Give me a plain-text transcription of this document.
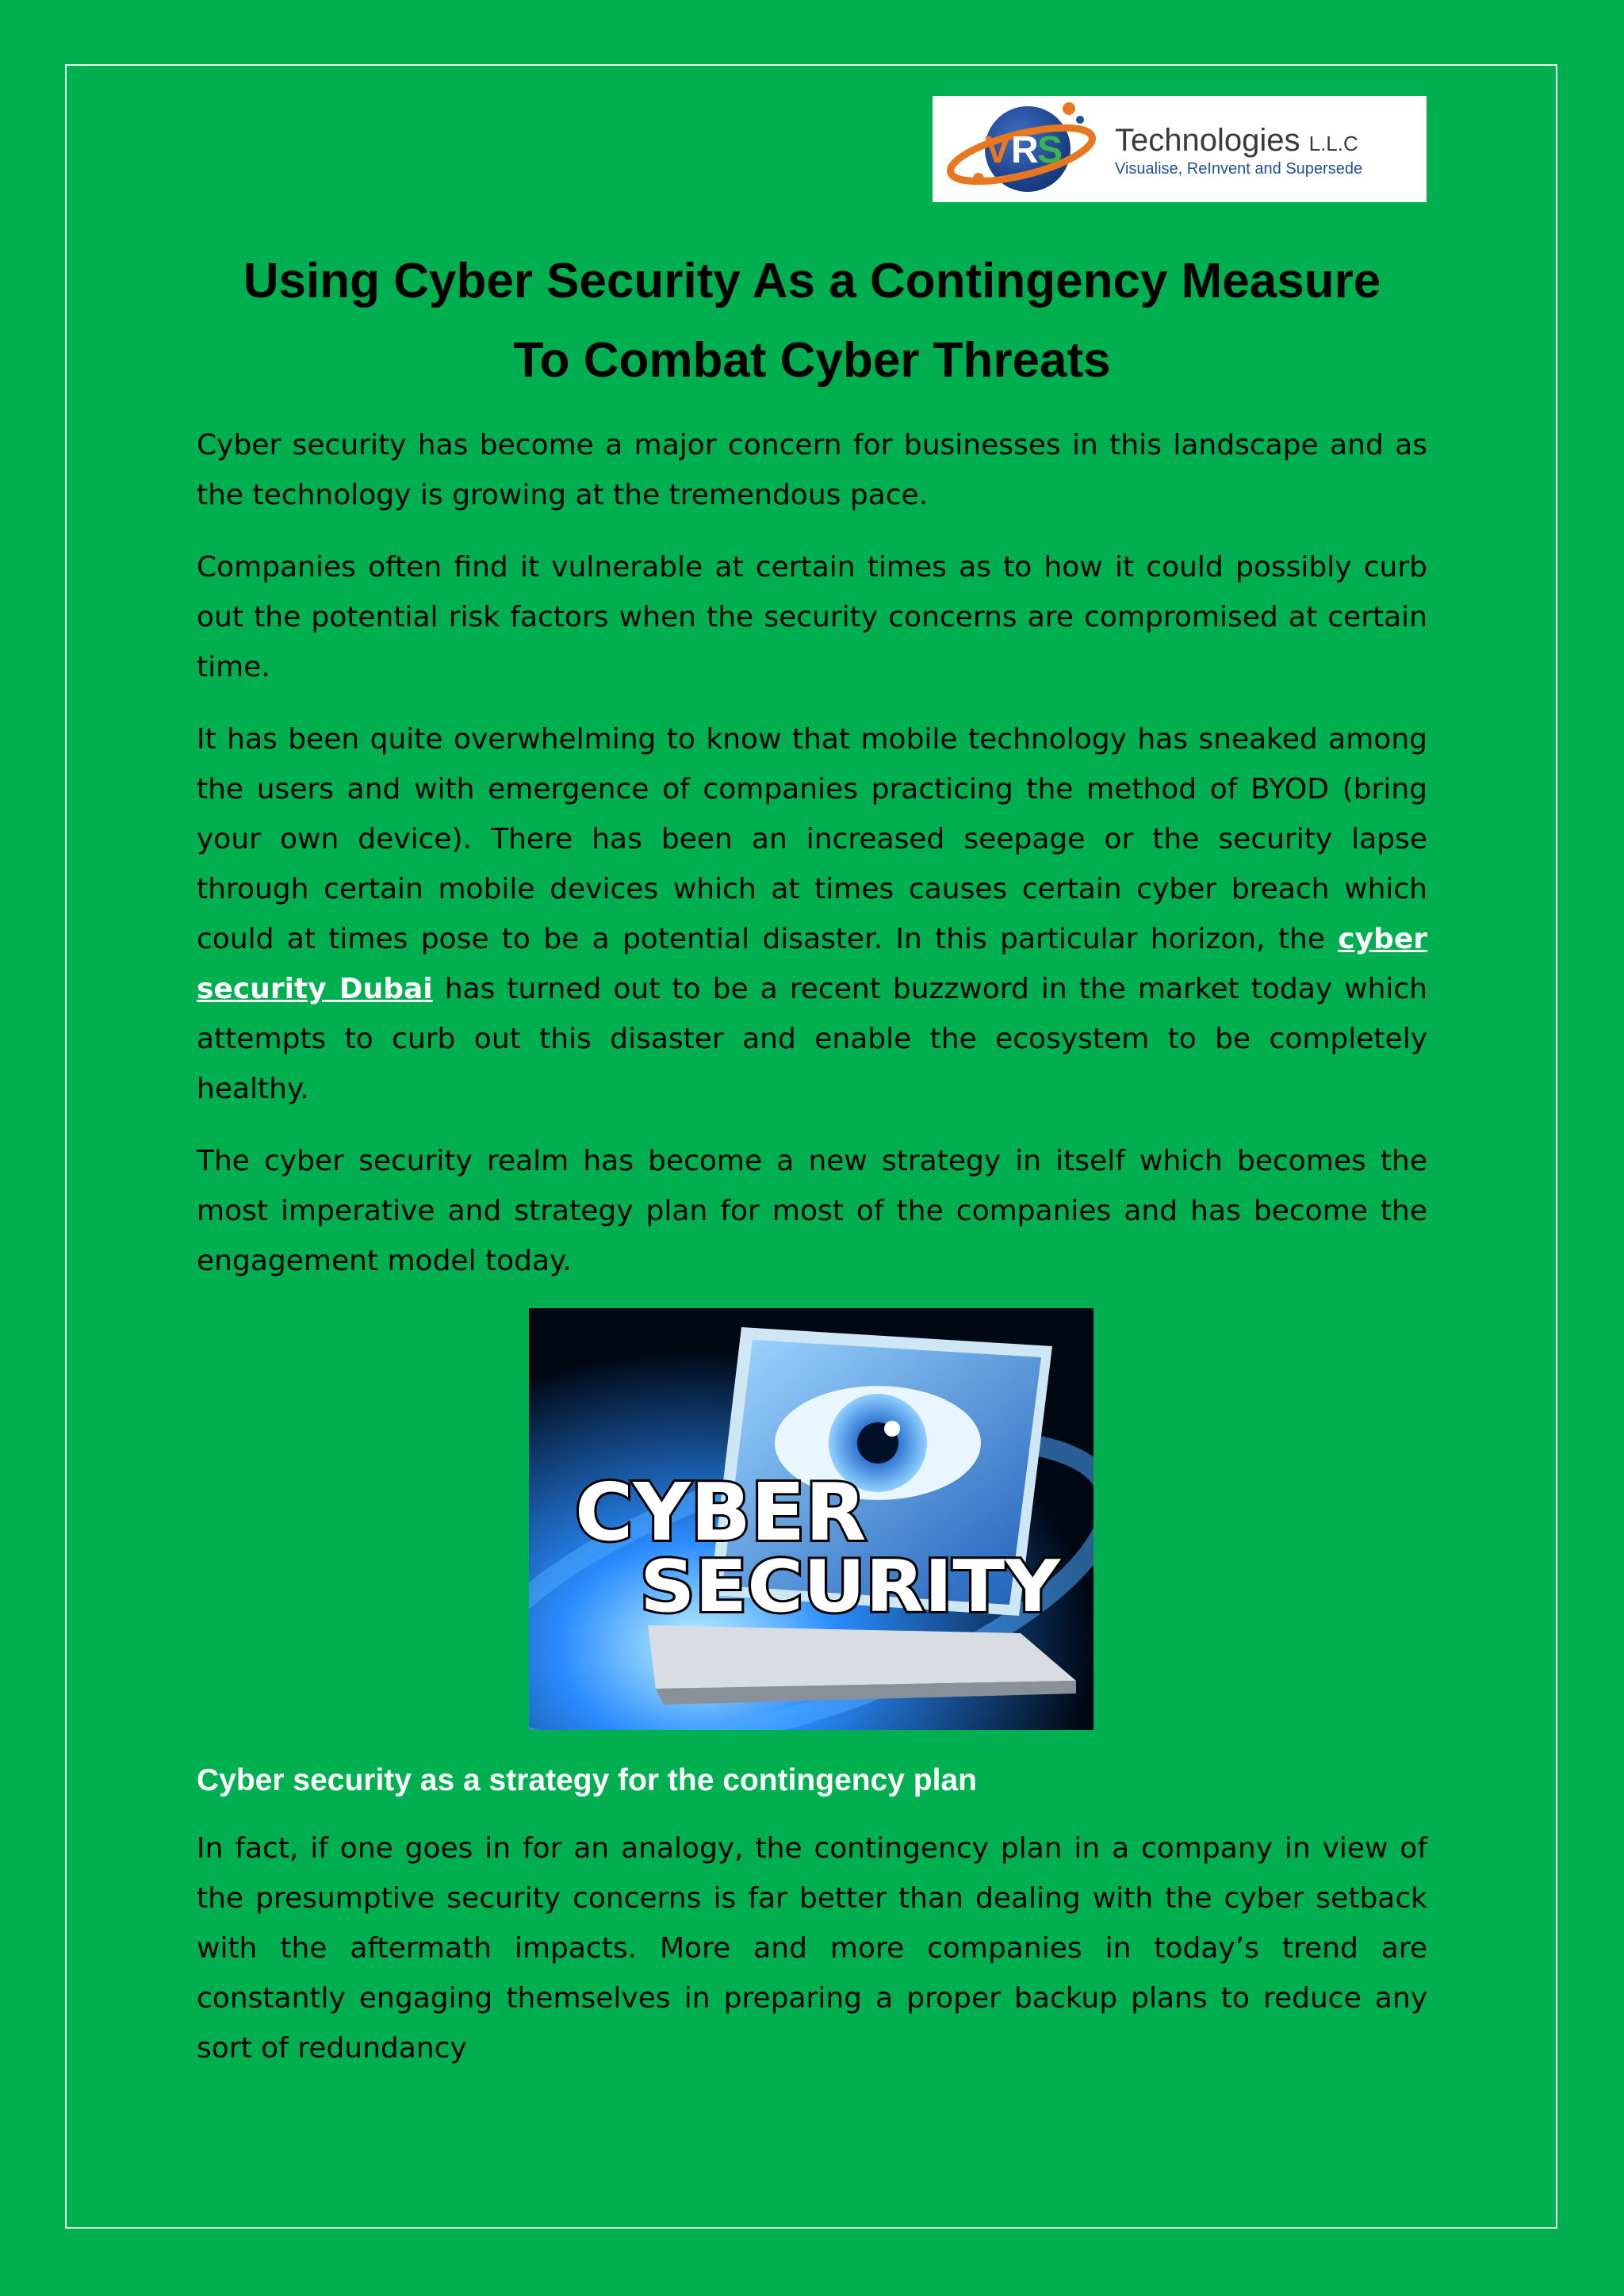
V R
S Technologies L.L.C
Visualise, ReInvent and Supersede
Using Cyber Security As a Contingency Measure
To Combat Cyber Threats

Cyber security has become a major concern for businesses in this landscape and as the technology is growing at the tremendous pace.

Companies often find it vulnerable at certain times as to how it could possibly curb out the potential risk factors when the security concerns are compromised at certain time.

It has been quite overwhelming to know that mobile technology has sneaked among the users and with emergence of companies practicing the method of BYOD (bring your own device). There has been an increased seepage or the security lapse through certain mobile devices which at times causes certain cyber breach which could at times pose to be a potential disaster. In this particular horizon, the cyber security Dubai has turned out to be a recent buzzword in the market today which attempts to curb out this disaster and enable the ecosystem to be completely healthy.

The cyber security realm has become a new strategy in itself which becomes the most imperative and strategy plan for most of the companies and has become the engagement model today.

CYBER
SECURITY
Cyber security as a strategy for the contingency plan

In fact, if one goes in for an analogy, the contingency plan in a company in view of the presumptive security concerns is far better than dealing with the cyber setback with the aftermath impacts. More and more companies in today’s trend are constantly engaging themselves in preparing a proper backup plans to reduce any sort of redundancy
